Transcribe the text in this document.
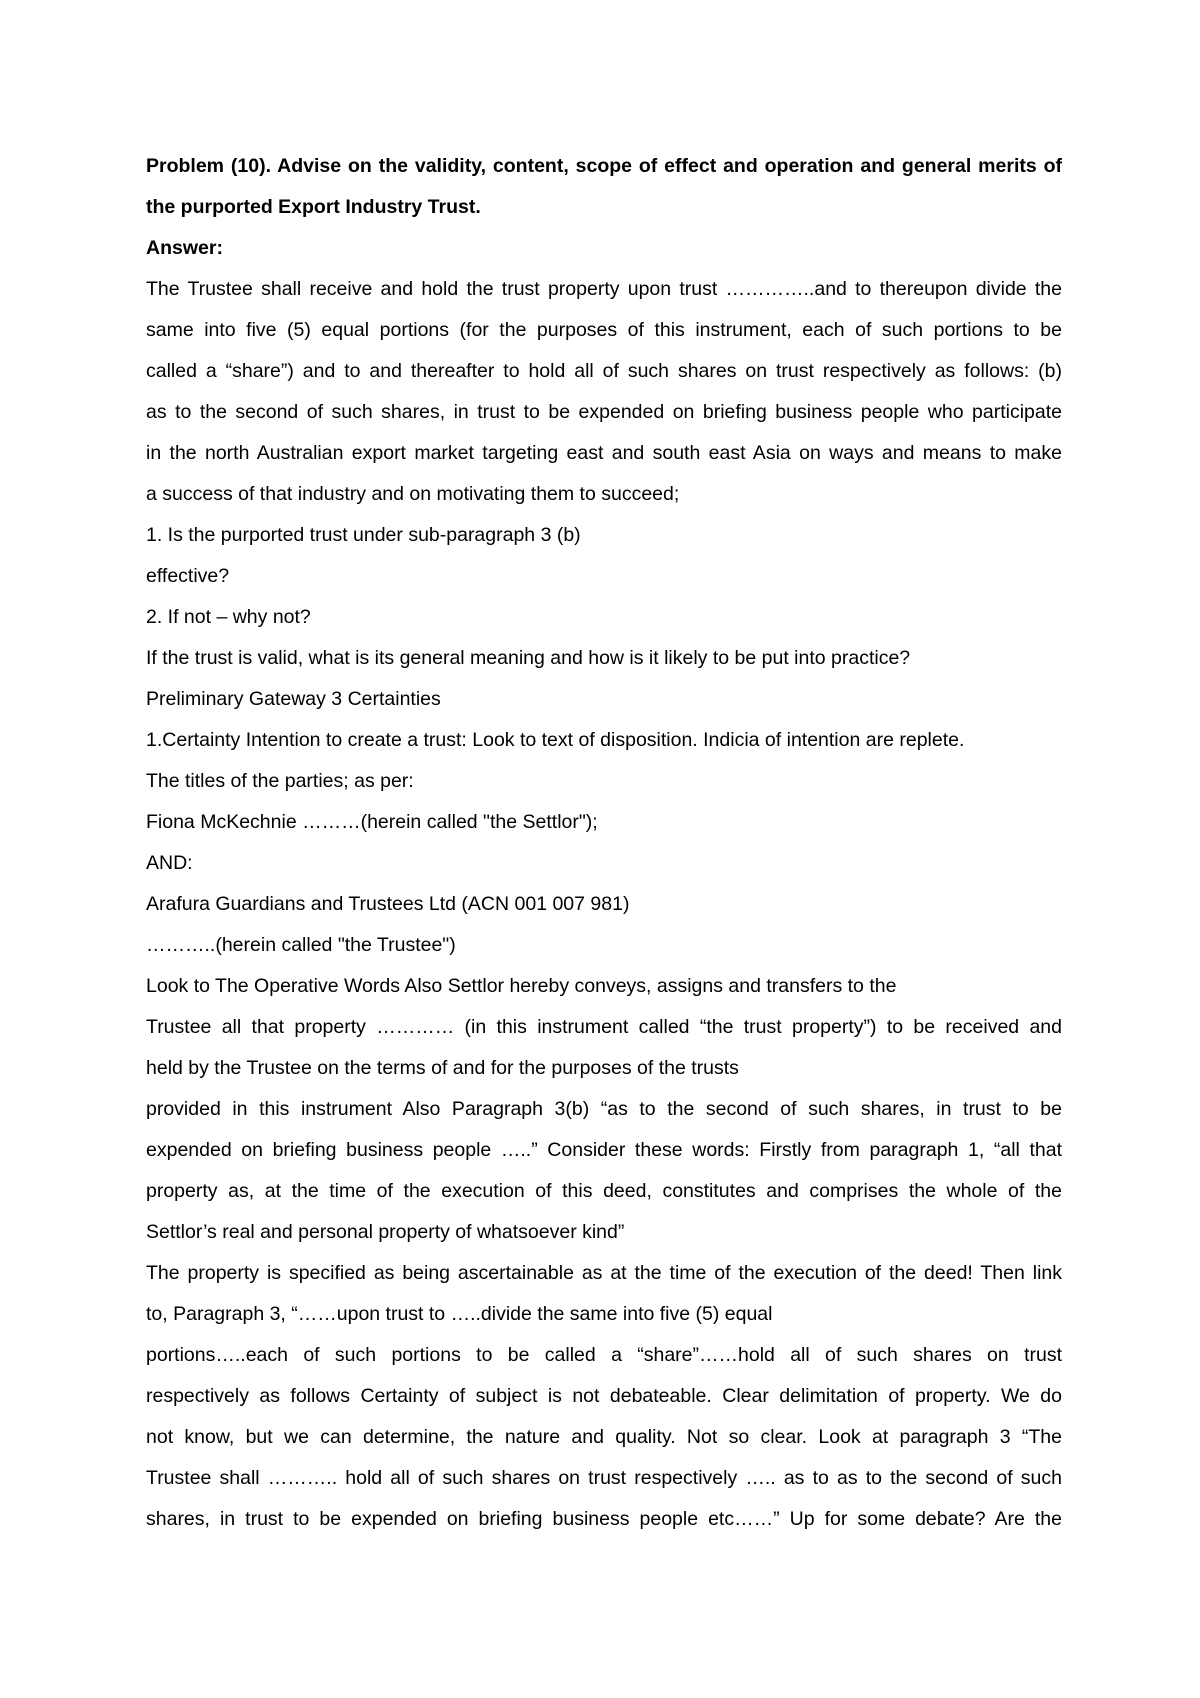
Problem (10). Advise on the validity, content, scope of effect and operation and general merits of
the purported Export Industry Trust.
Answer:
The Trustee shall receive and hold the trust property upon trust …………..and to thereupon divide the
same into five (5) equal portions (for the purposes of this instrument, each of such portions to be
called a “share”) and to and thereafter to hold all of such shares on trust respectively as follows: (b)
as to the second of such shares, in trust to be expended on briefing business people who participate
in the north Australian export market targeting east and south east Asia on ways and means to make
a success of that industry and on motivating them to succeed;
1. Is the purported trust under sub-paragraph 3 (b)
effective?
2. If not – why not?
If the trust is valid, what is its general meaning and how is it likely to be put into practice?
Preliminary Gateway 3 Certainties
1.Certainty Intention to create a trust: Look to text of disposition. Indicia of intention are replete.
The titles of the parties; as per:
Fiona McKechnie ………(herein called "the Settlor");
AND:
Arafura Guardians and Trustees Ltd (ACN 001 007 981)
………..(herein called "the Trustee")
Look to The Operative Words Also Settlor hereby conveys, assigns and transfers to the
Trustee all that property ………… (in this instrument called “the trust property”) to be received and
held by the Trustee on the terms of and for the purposes of the trusts
provided in this instrument Also Paragraph 3(b) “as to the second of such shares, in trust to be
expended on briefing business people …..” Consider these words: Firstly from paragraph 1, “all that
property as, at the time of the execution of this deed, constitutes and comprises the whole of the
Settlor’s real and personal property of whatsoever kind”
The property is specified as being ascertainable as at the time of the execution of the deed! Then link
to, Paragraph 3, “……upon trust to …..divide the same into five (5) equal
portions…..each of such portions to be called a “share”……hold all of such shares on trust
respectively as follows Certainty of subject is not debateable. Clear delimitation of property. We do
not know, but we can determine, the nature and quality. Not so clear. Look at paragraph 3 “The
Trustee shall ……….. hold all of such shares on trust respectively ….. as to as to the second of such
shares, in trust to be expended on briefing business people etc……” Up for some debate? Are the
